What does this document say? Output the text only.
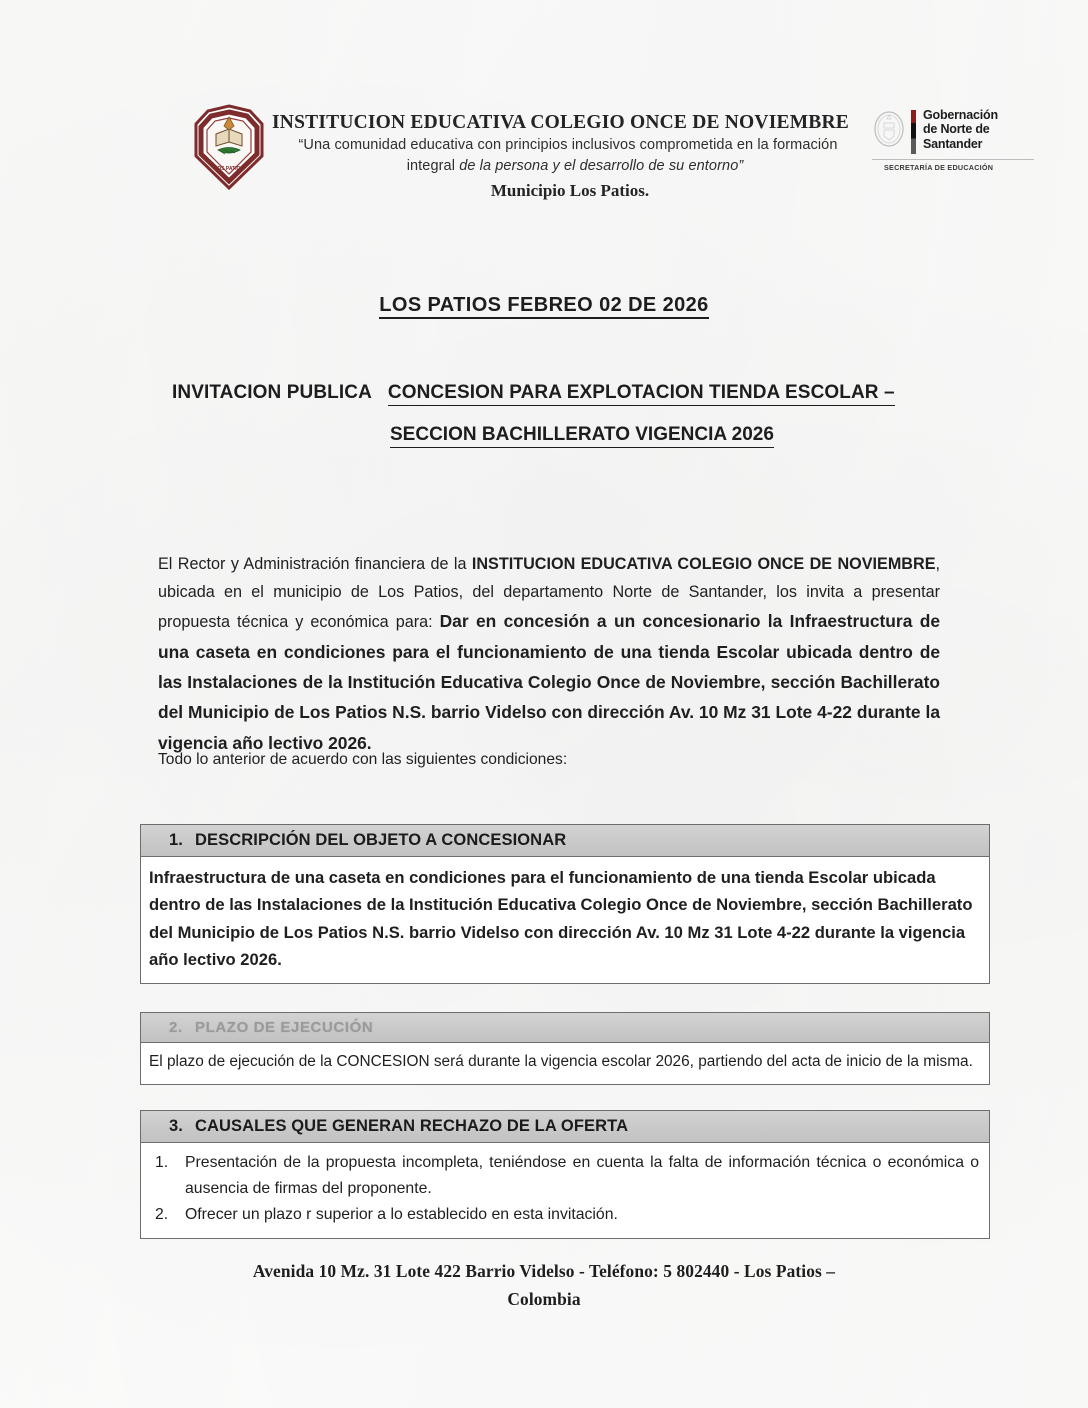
LOS PATIOS
INSTITUCION EDUCATIVA COLEGIO ONCE DE NOVIEMBRE
“Una comunidad educativa con principios inclusivos comprometida en la formación
integral de la persona y el desarrollo de su entorno”
Municipio Los Patios.
Gobernación
de Norte de
Santander
SECRETARÍA DE EDUCACIÓN
LOS PATIOS FEBREO 02 DE 2026
INVITACION PUBLICA CONCESION PARA EXPLOTACION TIENDA ESCOLAR –
SECCION BACHILLERATO VIGENCIA 2026
El Rector y Administración financiera de la INSTITUCION EDUCATIVA COLEGIO ONCE DE NOVIEMBRE, ubicada en el municipio de Los Patios, del departamento Norte de Santander, los invita a presentar propuesta técnica y económica para: Dar en concesión a un concesionario la Infraestructura de una caseta en condiciones para el funcionamiento de una tienda Escolar ubicada dentro de las Instalaciones de la Institución Educativa Colegio Once de Noviembre, sección Bachillerato del Municipio de Los Patios N.S. barrio Videlso con dirección Av. 10 Mz 31 Lote 4-22 durante la vigencia año lectivo 2026.
Todo lo anterior de acuerdo con las siguientes condiciones:
1. DESCRIPCIÓN DEL OBJETO A CONCESIONAR
Infraestructura de una caseta en condiciones para el funcionamiento de una tienda Escolar ubicada dentro de las Instalaciones de la Institución Educativa Colegio Once de Noviembre, sección Bachillerato del Municipio de Los Patios N.S. barrio Videlso con dirección Av. 10 Mz 31 Lote 4-22 durante la vigencia año lectivo 2026.
2. PLAZO DE EJECUCIÓN
El plazo de ejecución de la CONCESION será durante la vigencia escolar 2026, partiendo del acta de inicio de la misma.
3. CAUSALES QUE GENERAN RECHAZO DE LA OFERTA
Presentación de la propuesta incompleta, teniéndose en cuenta la falta de información técnica o económica o ausencia de firmas del proponente.
Ofrecer un plazo r superior a lo establecido en esta invitación.
Avenida 10 Mz. 31 Lote 422 Barrio Videlso - Teléfono: 5 802440 - Los Patios –
Colombia
